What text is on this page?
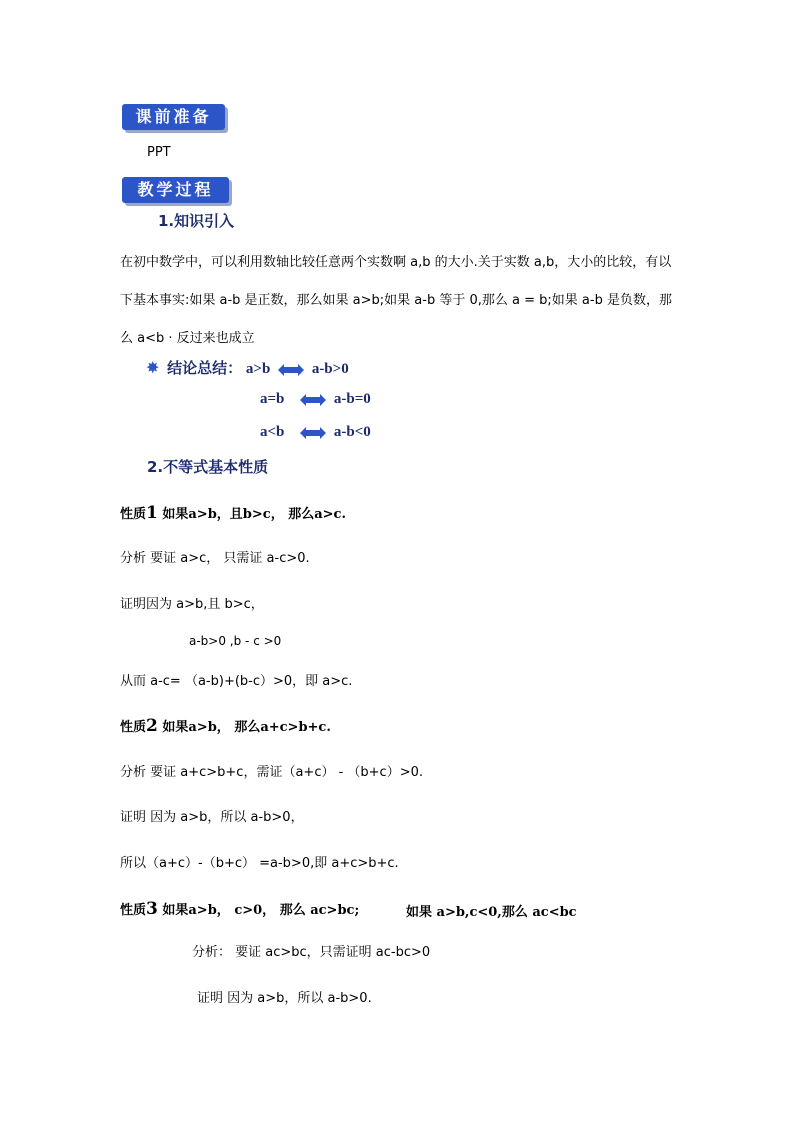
课前准备
PPT
教学过程
1.知识引入
在初中数学中，可以利用数轴比较任意两个实数啊 a,b 的大小.关于实数 a,b，大小的比较，有以下基本事实:如果 a-b 是正数，那么如果 a>b;如果 a-b 等于 0,那么 a = b;如果 a-b 是负数，那么 a<b · 反过来也成立
✸ 结论总结： a>b	a-b>0
a=b	a-b=0
a<b	a-b<0
2.不等式基本性质
性质1 如果a>b，且b>c， 那么a>c.
分析 要证 a>c， 只需证 a-c>0.
证明因为 a>b,且 b>c，
a-b>0 ,b - c >0
从而 a-c= （a-b)+(b-c）>0，即 a>c.
性质2 如果a>b， 那么a+c>b+c.
分析 要证 a+c>b+c，需证（a+c） - （b+c）>0.
证明 因为 a>b，所以 a-b>0，
所以（a+c）-（b+c） =a-b>0,即 a+c>b+c.
性质3 如果a>b， c>0， 那么 ac>bc;	如果 a>b,c<0,那么 ac<bc
分析： 要证 ac>bc，只需证明 ac-bc>0
证明 因为 a>b，所以 a-b>0.
